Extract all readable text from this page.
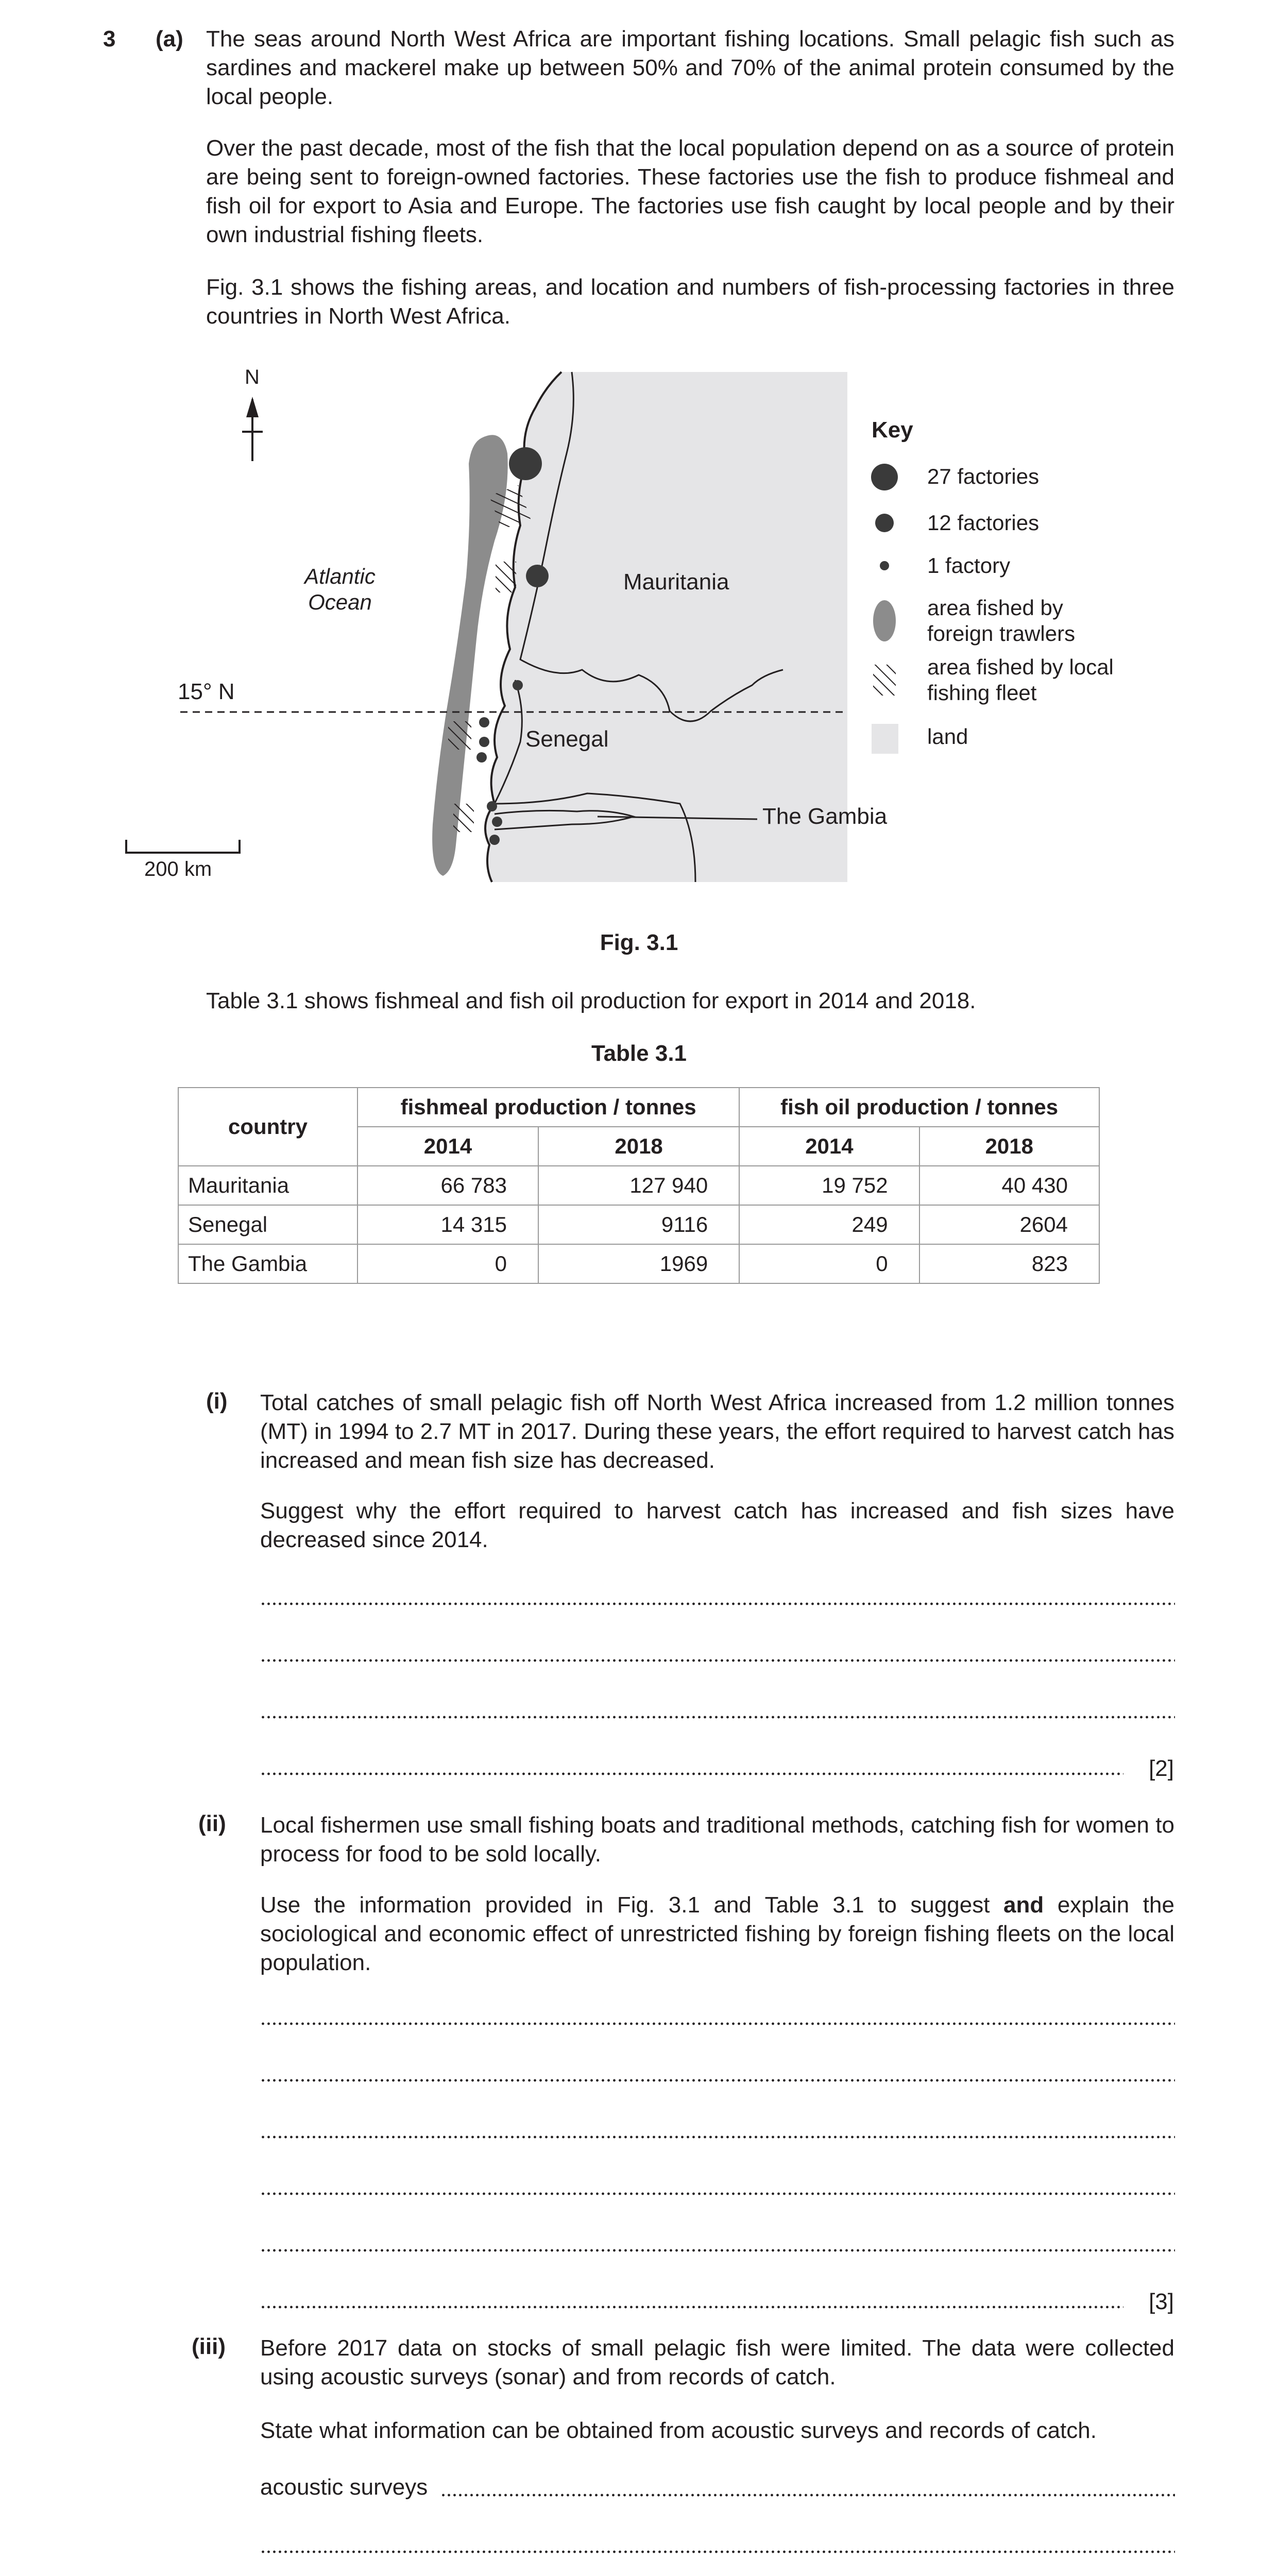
3 (a) The seas around North West Africa are important fishing locations. Small pelagic fish such as sardines and mackerel make up between 50% and 70% of the animal protein consumed by the local people.
Over the past decade, most of the fish that the local population depend on as a source of protein are being sent to foreign-owned factories. These factories use the fish to produce fishmeal and fish oil for export to Asia and Europe. The factories use fish caught by local people and by their own industrial fishing fleets.
Fig. 3.1 shows the fishing areas, and location and numbers of fish-processing factories in three countries in North West Africa.
N
Atlantic
Ocean
Mauritania
Senegal
The Gambia
15° N
200 km
Key
27 factories
12 factories
1 factory
area fished by
foreign trawlers
area fished by local
fishing fleet
land
Fig. 3.1
Table 3.1 shows fishmeal and fish oil production for export in 2014 and 2018.
Table 3.1
country	fishmeal production / tonnes		fish oil production / tonnes	
	2014	2018	2014	2018
Mauritania	66 783	127 940	19 752	40 430
Senegal	14 315	9116	249	2604
The Gambia	0	1969	0	823
(i) Total catches of small pelagic fish off North West Africa increased from 1.2 million tonnes (MT) in 1994 to 2.7 MT in 2017. During these years, the effort required to harvest catch has increased and mean fish size has decreased.
Suggest why the effort required to harvest catch has increased and fish sizes have decreased since 2014.
[2]
(ii) Local fishermen use small fishing boats and traditional methods, catching fish for women to process for food to be sold locally.
Use the information provided in Fig. 3.1 and Table 3.1 to suggest and explain the sociological and economic effect of unrestricted fishing by foreign fishing fleets on the local population.
[3]
(iii) Before 2017 data on stocks of small pelagic fish were limited. The data were collected using acoustic surveys (sonar) and from records of catch.
State what information can be obtained from acoustic surveys and records of catch.
acoustic surveys
